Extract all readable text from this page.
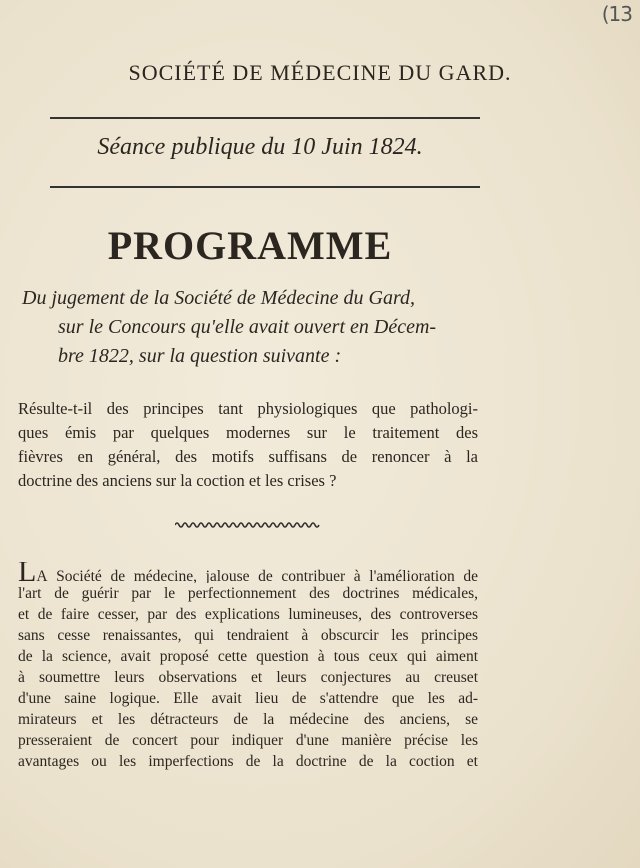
(13
SOCIÉTÉ DE MÉDECINE DU GARD.
Séance publique du 10 Juin 1824.
PROGRAMME
Du jugement de la Société de Médecine du Gard,
sur le Concours qu'elle avait ouvert en Décem-
bre 1822, sur la question suivante :
Résulte-t-il des principes tant physiologiques que pathologi-
ques émis par quelques modernes sur le traitement des
fièvres en général, des motifs suffisans de renoncer à la
doctrine des anciens sur la coction et les crises ?
LA Société de médecine, jalouse de contribuer à l'amélioration de
l'art de guérir par le perfectionnement des doctrines médicales,
et de faire cesser, par des explications lumineuses, des controverses
sans cesse renaissantes, qui tendraient à obscurcir les principes
de la science, avait proposé cette question à tous ceux qui aiment
à soumettre leurs observations et leurs conjectures au creuset
d'une saine logique. Elle avait lieu de s'attendre que les ad-
mirateurs et les détracteurs de la médecine des anciens, se
presseraient de concert pour indiquer d'une manière précise les
avantages ou les imperfections de la doctrine de la coction et
